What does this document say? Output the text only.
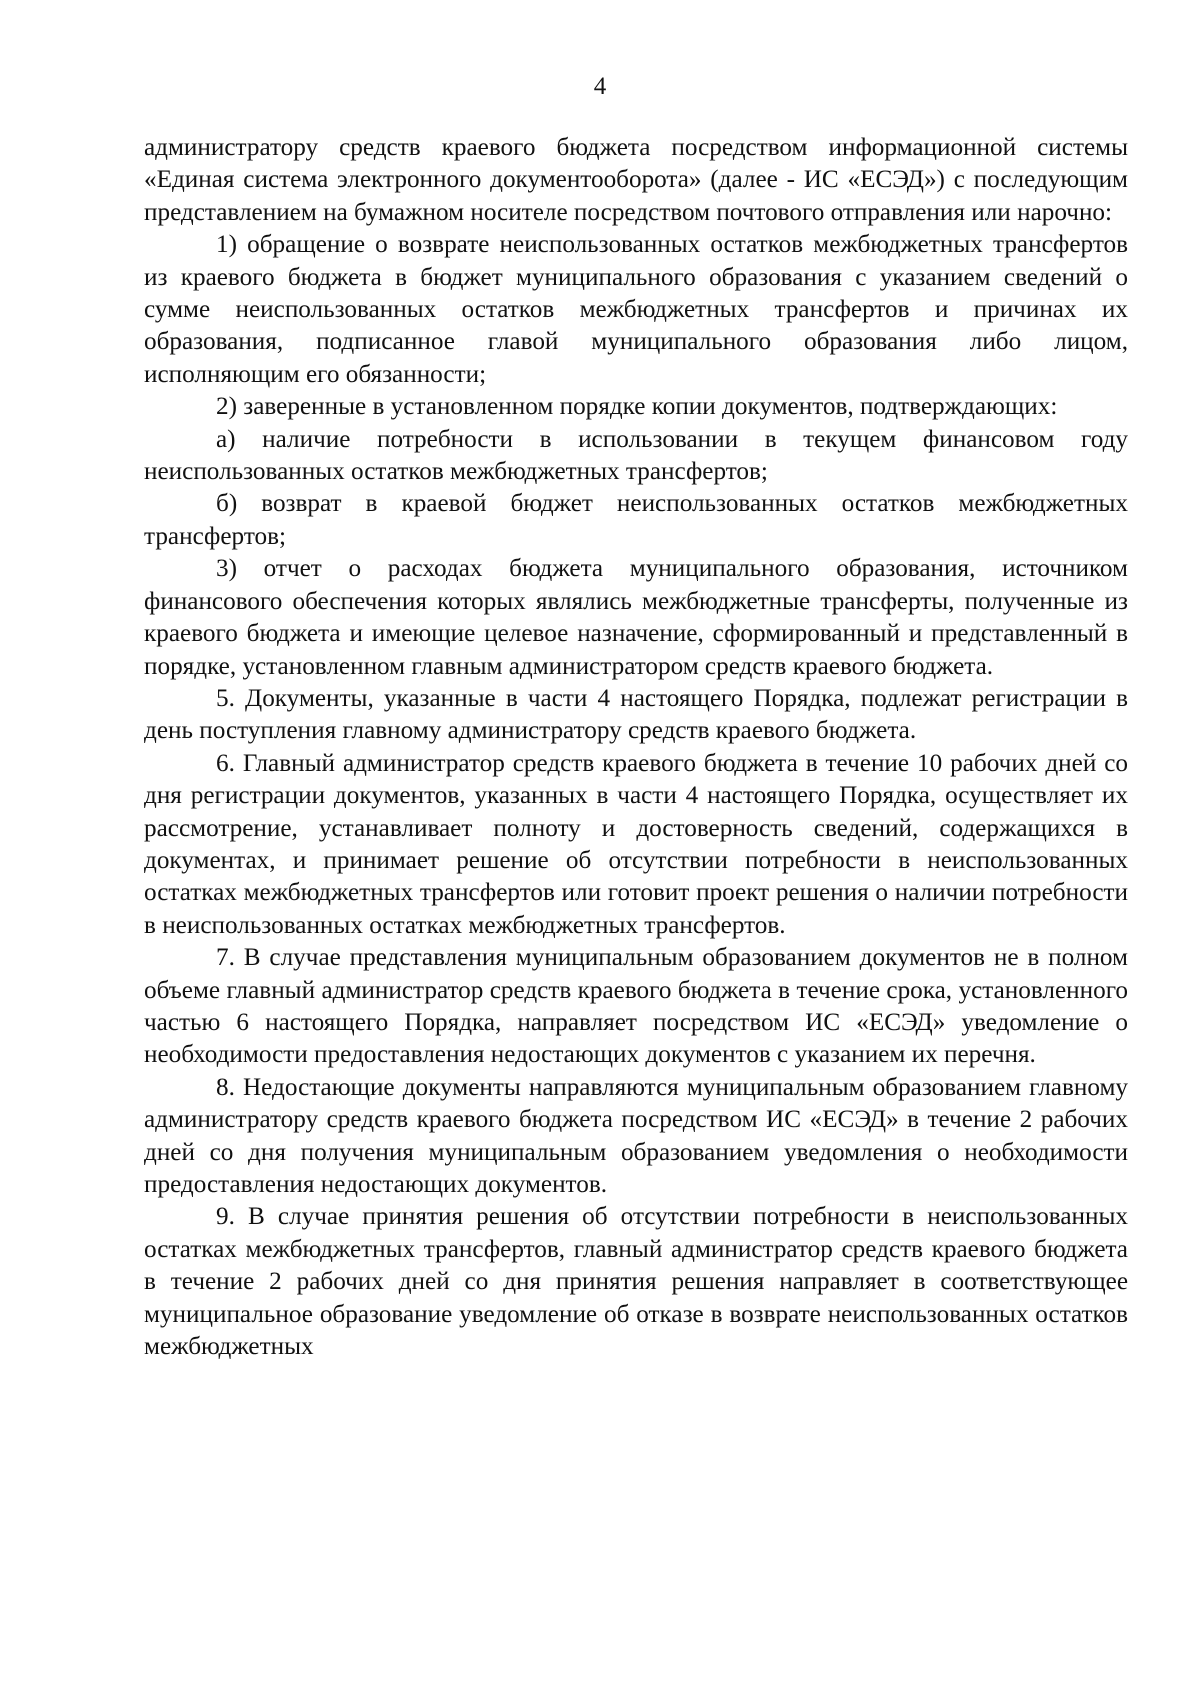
4

администратору средств краевого бюджета посредством информационной системы «Единая система электронного документооборота» (далее - ИС «ЕСЭД») с последующим представлением на бумажном носителе посредством почтового отправления или нарочно:

1) обращение о возврате неиспользованных остатков межбюджетных трансфертов из краевого бюджета в бюджет муниципального образования с указанием сведений о сумме неиспользованных остатков межбюджетных трансфертов и причинах их образования, подписанное главой муниципального образования либо лицом, исполняющим его обязанности;

2) заверенные в установленном порядке копии документов, подтверждающих:

а) наличие потребности в использовании в текущем финансовом году неиспользованных остатков межбюджетных трансфертов;

б) возврат в краевой бюджет неиспользованных остатков межбюджетных трансфертов;

3) отчет о расходах бюджета муниципального образования, источником финансового обеспечения которых являлись межбюджетные трансферты, полученные из краевого бюджета и имеющие целевое назначение, сформированный и представленный в порядке, установленном главным администратором средств краевого бюджета.

5. Документы, указанные в части 4 настоящего Порядка, подлежат регистрации в день поступления главному администратору средств краевого бюджета.

6. Главный администратор средств краевого бюджета в течение 10 рабочих дней со дня регистрации документов, указанных в части 4 настоящего Порядка, осуществляет их рассмотрение, устанавливает полноту и достоверность сведений, содержащихся в документах, и принимает решение об отсутствии потребности в неиспользованных остатках межбюджетных трансфертов или готовит проект решения о наличии потребности в неиспользованных остатках межбюджетных трансфертов.

7. В случае представления муниципальным образованием документов не в полном объеме главный администратор средств краевого бюджета в течение срока, установленного частью 6 настоящего Порядка, направляет посредством ИС «ЕСЭД» уведомление о необходимости предоставления недостающих документов с указанием их перечня.

8. Недостающие документы направляются муниципальным образованием главному администратору средств краевого бюджета посредством ИС «ЕСЭД» в течение 2 рабочих дней со дня получения муниципальным образованием уведомления о необходимости предоставления недостающих документов.

9. В случае принятия решения об отсутствии потребности в неиспользованных остатках межбюджетных трансфертов, главный администратор средств краевого бюджета в течение 2 рабочих дней со дня принятия решения направляет в соответствующее муниципальное образование уведомление об отказе в возврате неиспользованных остатков межбюджетных
